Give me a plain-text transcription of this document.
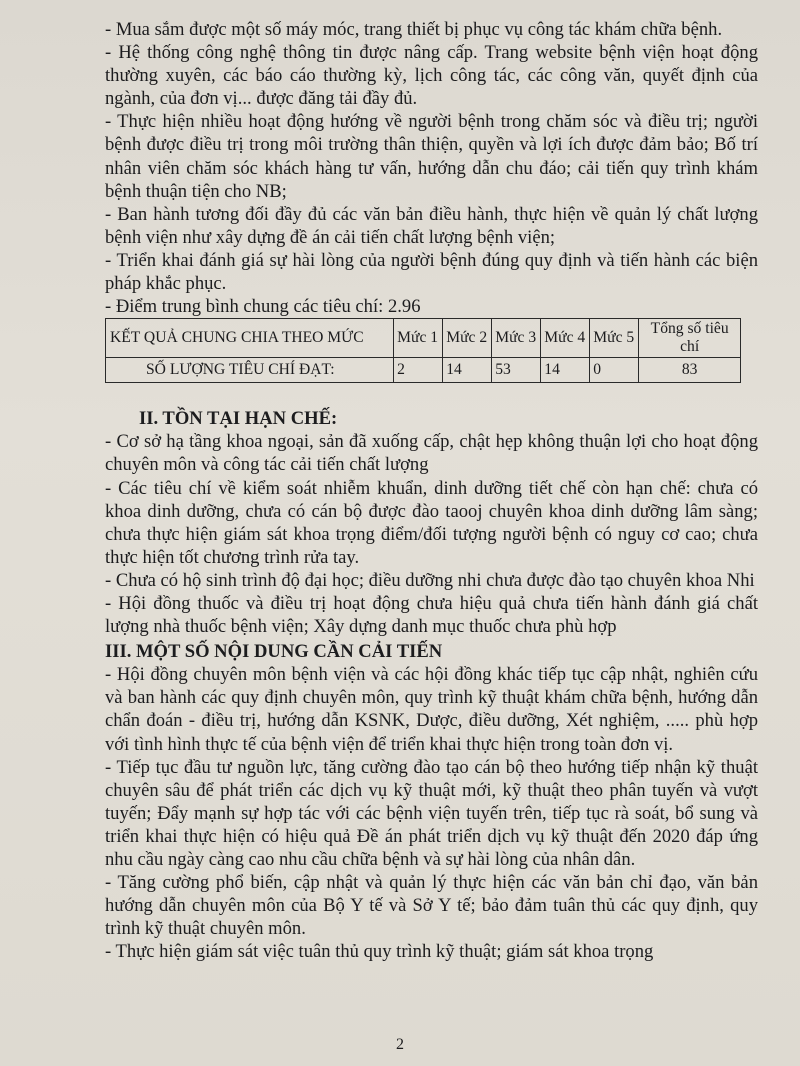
- Mua sắm được một số máy móc, trang thiết bị phục vụ công tác khám chữa bệnh.

- Hệ thống công nghệ thông tin được nâng cấp. Trang website bệnh viện hoạt động thường xuyên, các báo cáo thường kỳ, lịch công tác, các công văn, quyết định của ngành, của đơn vị... được đăng tải đầy đủ.

- Thực hiện nhiều hoạt động hướng về người bệnh trong chăm sóc và điều trị; người bệnh được điều trị trong môi trường thân thiện, quyền và lợi ích được đảm bảo; Bố trí nhân viên chăm sóc khách hàng tư vấn, hướng dẫn chu đáo; cải tiến quy trình khám bệnh thuận tiện cho NB;

- Ban hành tương đối đầy đủ các văn bản điều hành, thực hiện về quản lý chất lượng bệnh viện như xây dựng đề án cải tiến chất lượng bệnh viện;

- Triển khai đánh giá sự hài lòng của người bệnh đúng quy định và tiến hành các biện pháp khắc phục.

- Điểm trung bình chung các tiêu chí: 2.96

KẾT QUẢ CHUNG CHIA THEO MỨC	Mức 1	Mức 2	Mức 3	Mức 4	Mức 5	Tổng số tiêu chí
SỐ LƯỢNG TIÊU CHÍ ĐẠT:	2	14	53	14	0	83

II. TỒN TẠI HẠN CHẾ:

- Cơ sở hạ tầng khoa ngoại, sản đã xuống cấp, chật hẹp không thuận lợi cho hoạt động chuyên môn và công tác cải tiến chất lượng

- Các tiêu chí về kiểm soát nhiễm khuẩn, dinh dưỡng tiết chế còn hạn chế: chưa có khoa dinh dưỡng, chưa có cán bộ được đào taooj chuyên khoa dinh dưỡng lâm sàng; chưa thực hiện giám sát khoa trọng điểm/đối tượng người bệnh có nguy cơ cao; chưa thực hiện tốt chương trình rửa tay.

- Chưa có hộ sinh trình độ đại học; điều dưỡng nhi chưa được đào tạo chuyên khoa Nhi

- Hội đồng thuốc và điều trị hoạt động chưa hiệu quả chưa tiến hành đánh giá chất lượng nhà thuốc bệnh viện; Xây dựng danh mục thuốc chưa phù hợp

III. MỘT SỐ NỘI DUNG CẦN CẢI TIẾN

- Hội đồng chuyên môn bệnh viện và các hội đồng khác tiếp tục cập nhật, nghiên cứu và ban hành các quy định chuyên môn, quy trình kỹ thuật khám chữa bệnh, hướng dẫn chẩn đoán - điều trị, hướng dẫn KSNK, Dược, điều dưỡng, Xét nghiệm, ..... phù hợp với tình hình thực tế của bệnh viện để triển khai thực hiện trong toàn đơn vị.

- Tiếp tục đầu tư nguồn lực, tăng cường đào tạo cán bộ theo hướng tiếp nhận kỹ thuật chuyên sâu để phát triển các dịch vụ kỹ thuật mới, kỹ thuật theo phân tuyến và vượt tuyến; Đẩy mạnh sự hợp tác với các bệnh viện tuyến trên, tiếp tục rà soát, bổ sung và triển khai thực hiện có hiệu quả Đề án phát triển dịch vụ kỹ thuật đến 2020 đáp ứng nhu cầu ngày càng cao nhu cầu chữa bệnh và sự hài lòng của nhân dân.

- Tăng cường phổ biến, cập nhật và quản lý thực hiện các văn bản chỉ đạo, văn bản hướng dẫn chuyên môn của Bộ Y tế và Sở Y tế; bảo đảm tuân thủ các quy định, quy trình kỹ thuật chuyên môn.

- Thực hiện giám sát việc tuân thủ quy trình kỹ thuật; giám sát khoa trọng

2
